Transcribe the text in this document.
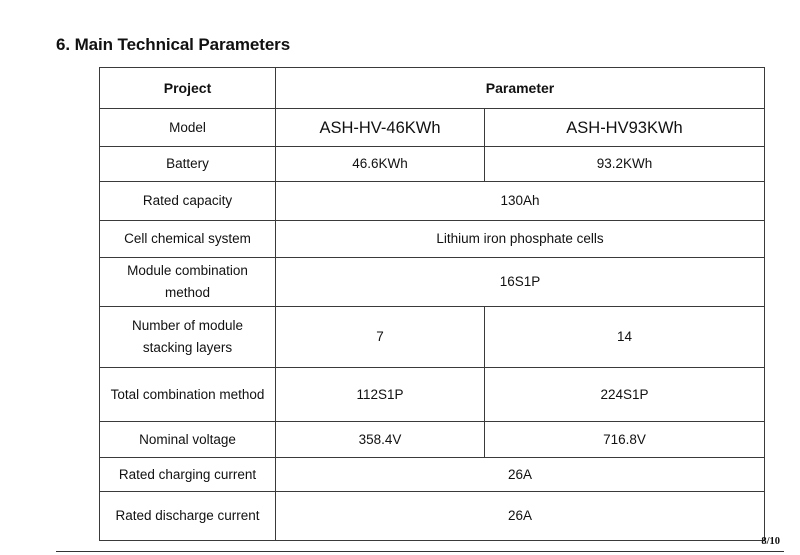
6. Main Technical Parameters
Project	Parameter	
Model	ASH-HV-46KWh	ASH-HV93KWh
Battery	46.6KWh	93.2KWh
Rated capacity	130Ah	
Cell chemical system	Lithium iron phosphate cells	
Module combination method	16S1P	
Number of module stacking layers	7	14
Total combination method	112S1P	224S1P
Nominal voltage	358.4V	716.8V
Rated charging current	26A	
Rated discharge current	26A	
8/10
